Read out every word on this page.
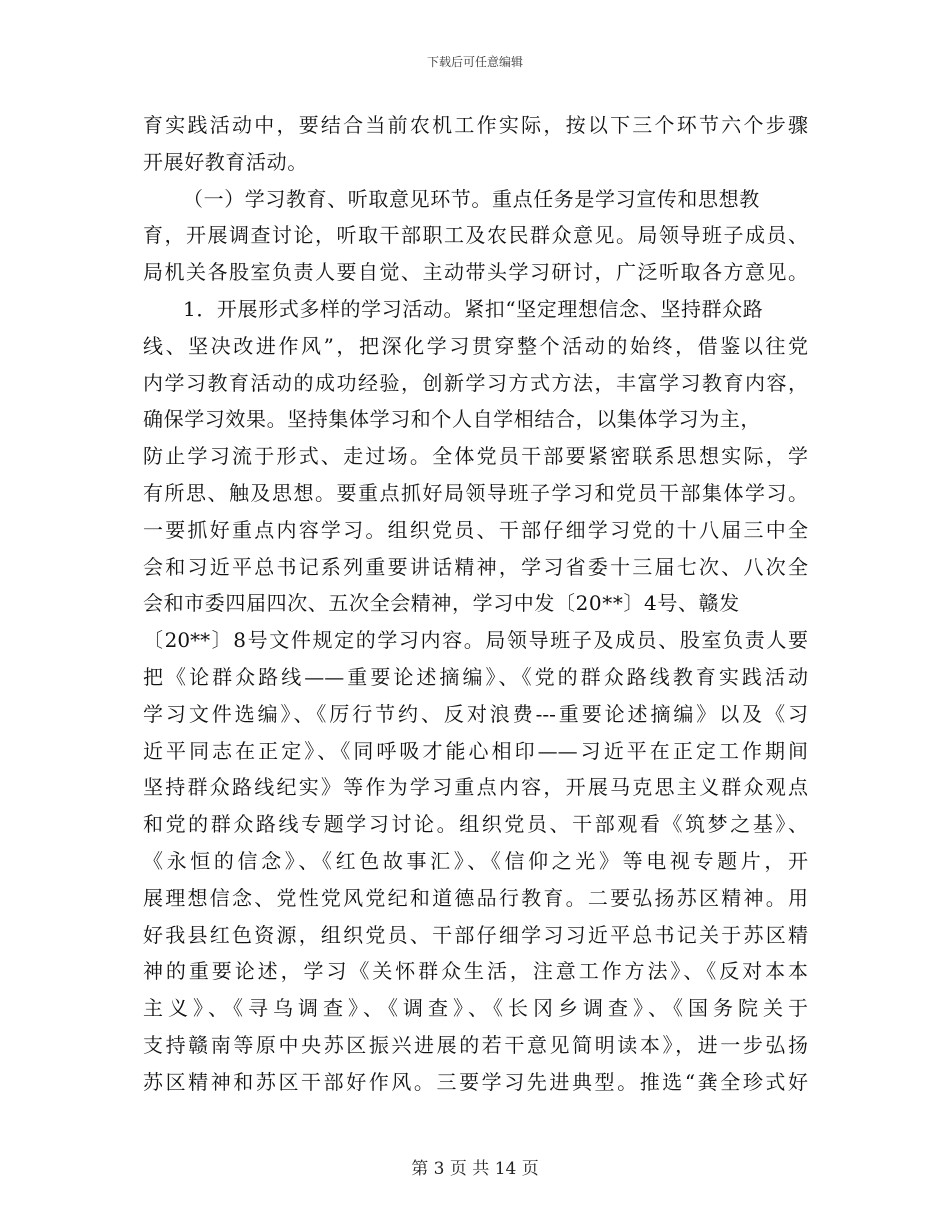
下载后可任意编辑
育实践活动中，要结合当前农机工作实际，按以下三个环节六个步骤
开展好教育活动。
（一）学习教育、听取意见环节。重点任务是学习宣传和思想教
育，开展调查讨论，听取干部职工及农民群众意见。局领导班子成员、
局机关各股室负责人要自觉、主动带头学习研讨，广泛听取各方意见。
1．开展形式多样的学习活动。紧扣“坚定理想信念、坚持群众路
线、坚决改进作风”，把深化学习贯穿整个活动的始终，借鉴以往党
内学习教育活动的成功经验，创新学习方式方法，丰富学习教育内容，
确保学习效果。坚持集体学习和个人自学相结合，以集体学习为主，
防止学习流于形式、走过场。全体党员干部要紧密联系思想实际，学
有所思、触及思想。要重点抓好局领导班子学习和党员干部集体学习。
一要抓好重点内容学习。组织党员、干部仔细学习党的十八届三中全
会和习近平总书记系列重要讲话精神，学习省委十三届七次、八次全
会和市委四届四次、五次全会精神，学习中发〔20**〕4号、赣发
〔20**〕8号文件规定的学习内容。局领导班子及成员、股室负责人要
把《论群众路线——重要论述摘编》、《党的群众路线教育实践活动
学习文件选编》、《厉行节约、反对浪费---重要论述摘编》以及《习
近平同志在正定》、《同呼吸才能心相印——习近平在正定工作期间
坚持群众路线纪实》等作为学习重点内容，开展马克思主义群众观点
和党的群众路线专题学习讨论。组织党员、干部观看《筑梦之基》、
《永恒的信念》、《红色故事汇》、《信仰之光》等电视专题片，开
展理想信念、党性党风党纪和道德品行教育。二要弘扬苏区精神。用
好我县红色资源，组织党员、干部仔细学习习近平总书记关于苏区精
神的重要论述，学习《关怀群众生活，注意工作方法》、《反对本本
主义》、《寻乌调查》、《调查》、《长冈乡调查》、《国务院关于
支持赣南等原中央苏区振兴进展的若干意见简明读本》，进一步弘扬
苏区精神和苏区干部好作风。三要学习先进典型。推选“龚全珍式好
第 3 页 共 14 页
